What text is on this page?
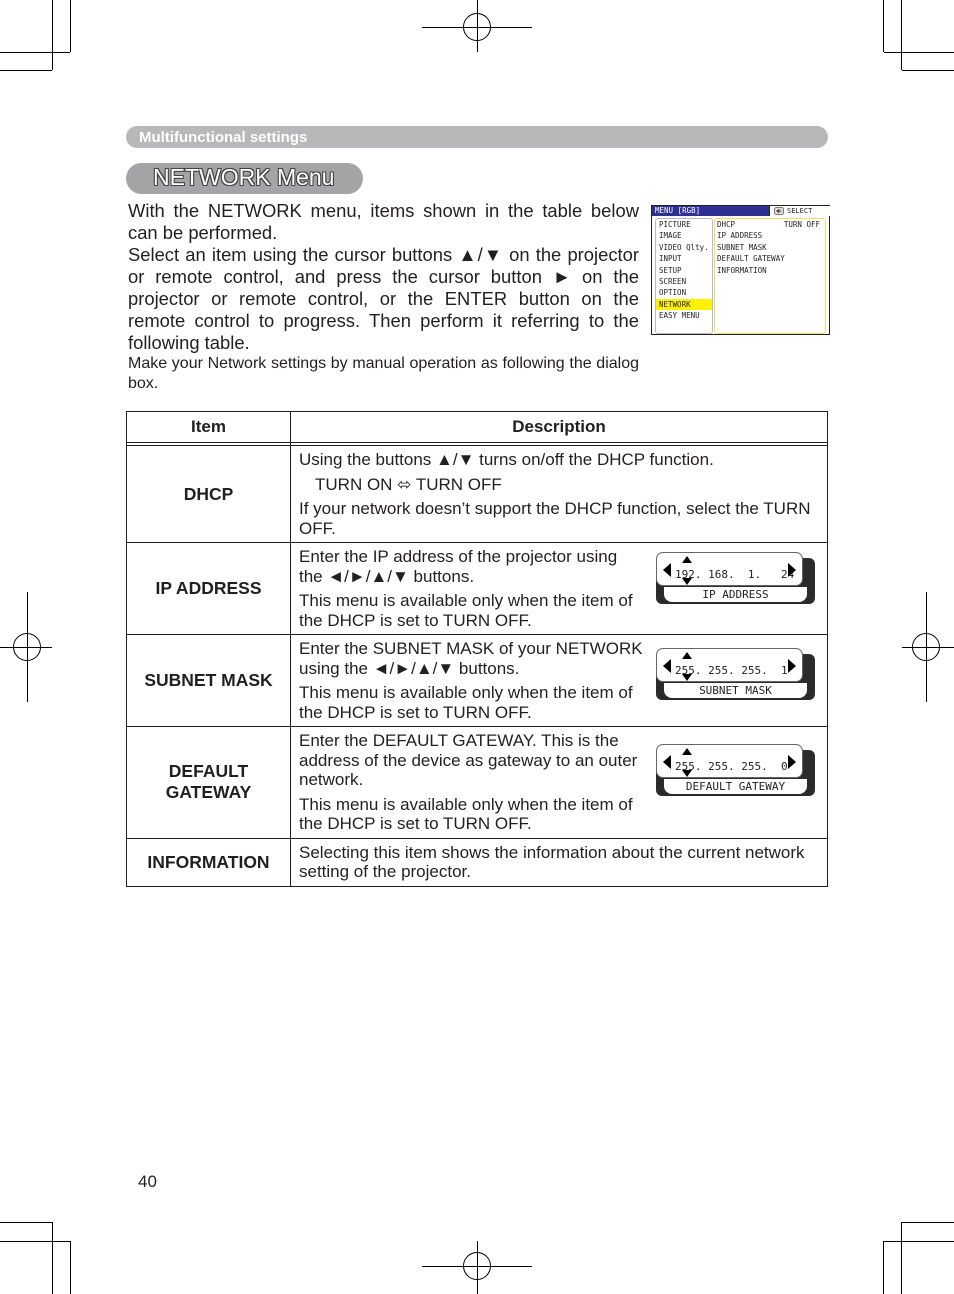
Multifunctional settings
NETWORK Menu

With the NETWORK menu, items shown in the table below can be performed.

Select an item using the cursor buttons ▲/▼ on the projector or remote control, and press the cursor button ► on the projector or remote control, or the ENTER button on the remote control to progress. Then perform it referring to the following table.

Make your Network settings by manual operation as following the dialog box.
MENU [RGB]	SELECT
PICTURE
IMAGE
VIDEO Qlty.
INPUT
SETUP
SCREEN
OPTION
NETWORK
EASY MENU
DHCP	TURN OFF
IP ADDRESS
SUBNET MASK
DEFAULT GATEWAY
INFORMATION
Item	Description

DHCP	Using the buttons ▲/▼ turns on/off the DHCP function.

TURN ON ⬄ TURN OFF

If your network doesn’t support the DHCP function, select the TURN OFF.

IP ADDRESS	Enter the IP address of the projector using the ◄/►/▲/▼ buttons.

This menu is available only when the item of the DHCP is set to TURN OFF.

192. 168.  1.   24
IP ADDRESS

SUBNET MASK	Enter the SUBNET MASK of your NETWORK using the ◄/►/▲/▼ buttons.

This menu is available only when the item of the DHCP is set to TURN OFF.

255. 255. 255.  1
SUBNET MASK

DEFAULT GATEWAY	Enter the DEFAULT GATEWAY. This is the address of the device as gateway to an outer network.

This menu is available only when the item of the DHCP is set to TURN OFF.

255. 255. 255.  0
DEFAULT GATEWAY

INFORMATION	Selecting this item shows the information about the current network setting of the projector.

40
